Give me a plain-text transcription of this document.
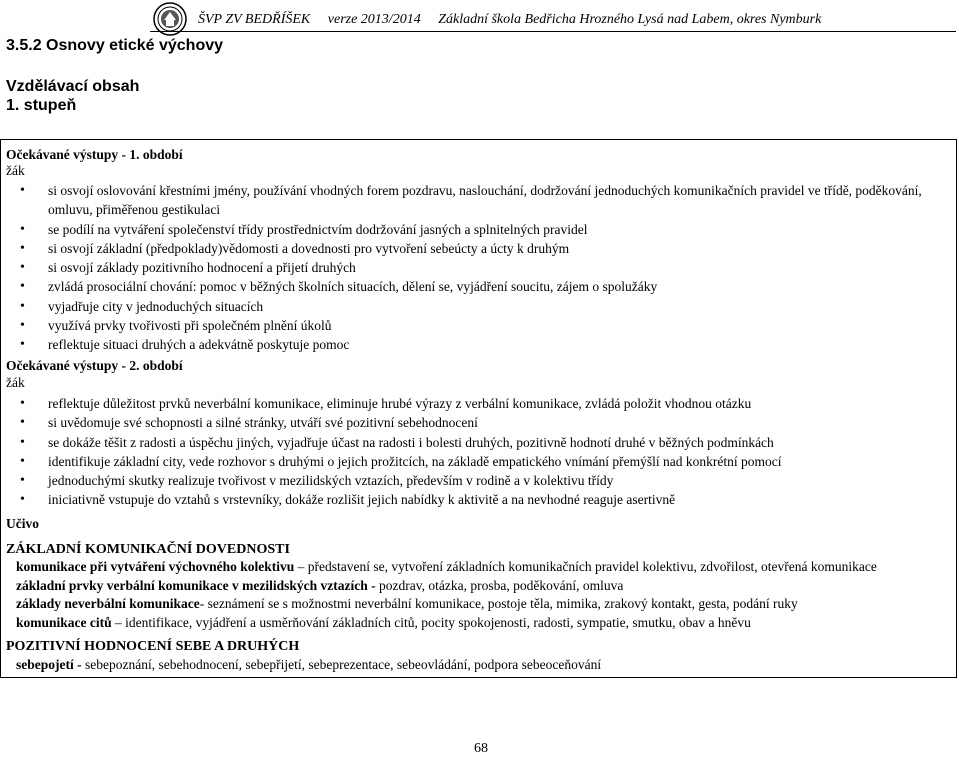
ŠVP ZV BEDŘÍŠEK verze 2013/2014 Základní škola Bedřicha Hrozného Lysá nad Labem, okres Nymburk
3.5.2 Osnovy etické výchovy
Vzdělávací obsah
1. stupeň
Očekávané výstupy - 1. období
žák
• si osvojí oslovování křestními jmény, používání vhodných forem pozdravu, naslouchání, dodržování jednoduchých komunikačních pravidel ve třídě, poděkování, omluvu, přiměřenou gestikulaci
• se podílí na vytváření společenství třídy prostřednictvím dodržování jasných a splnitelných pravidel
• si osvojí základní (předpoklady)vědomosti a dovednosti pro vytvoření sebeúcty a úcty k druhým
• si osvojí základy pozitivního hodnocení a přijetí druhých
• zvládá prosociální chování: pomoc v běžných školních situacích, dělení se, vyjádření soucitu, zájem o spolužáky
• vyjadřuje city v jednoduchých situacích
• využívá prvky tvořivosti při společném plnění úkolů
• reflektuje situaci druhých a adekvátně poskytuje pomoc
Očekávané výstupy - 2. období
žák
• reflektuje důležitost prvků neverbální komunikace, eliminuje hrubé výrazy z verbální komunikace, zvládá položit vhodnou otázku
• si uvědomuje své schopnosti a silné stránky, utváří své pozitivní sebehodnocení
• se dokáže těšit z radosti a úspěchu jiných, vyjadřuje účast na radosti i bolesti druhých, pozitivně hodnotí druhé v běžných podmínkách
• identifikuje základní city, vede rozhovor s druhými o jejich prožitcích, na základě empatického vnímání přemýšlí nad konkrétní pomocí
• jednoduchými skutky realizuje tvořivost v mezilidských vztazích, především v rodině a v kolektivu třídy
• iniciativně vstupuje do vztahů s vrstevníky, dokáže rozlišit jejich nabídky k aktivitě a na nevhodné reaguje asertivně
Učivo
ZÁKLADNÍ KOMUNIKAČNÍ DOVEDNOSTI
komunikace při vytváření výchovného kolektivu – představení se, vytvoření základních komunikačních pravidel kolektivu, zdvořilost, otevřená komunikace
základní prvky verbální komunikace v mezilidských vztazích - pozdrav, otázka, prosba, poděkování, omluva
základy neverbální komunikace- seznámení se s možnostmi neverbální komunikace, postoje těla, mimika, zrakový kontakt, gesta, podání ruky
komunikace citů – identifikace, vyjádření a usměrňování základních citů, pocity spokojenosti, radosti, sympatie, smutku, obav a hněvu
POZITIVNÍ HODNOCENÍ SEBE A DRUHÝCH
sebepojetí - sebepoznání, sebehodnocení, sebepřijetí, sebeprezentace, sebeovládání, podpora sebeoceňování
68
